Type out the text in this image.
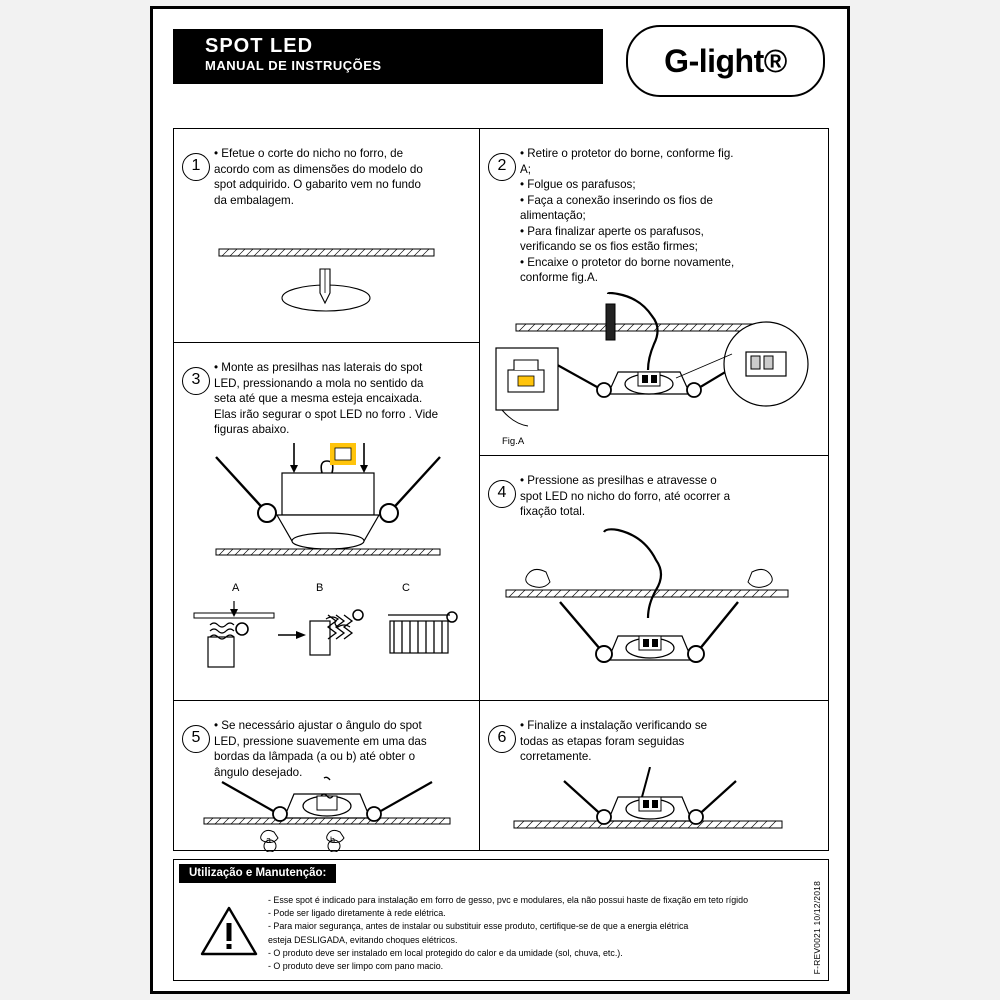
SPOT LED
MANUAL DE INSTRUÇÕES	G-light ®
1

• Efetue o corte do nicho no forro, de

acordo com as dimensões do modelo do

spot adquirido. O gabarito vem no fundo

da embalagem.

3

• Monte as presilhas nas laterais do spot

LED, pressionando a mola no sentido da

seta até que a mesma esteja encaixada.

Elas irão segurar o spot LED no forro . Vide

figuras abaixo.

A	B	C
5

• Se necessário ajustar o ângulo do spot

LED, pressione suavemente em uma das

bordas da lâmpada (a ou b) até obter o

ângulo desejado.

a	b
2

• Retire o protetor do borne, conforme fig.

A;

• Folgue os parafusos;

• Faça a conexão inserindo os fios de

alimentação;

• Para finalizar aperte os parafusos,

verificando se os fios estão firmes;

• Encaixe o protetor do borne novamente,

conforme fig.A.

Fig.A
4

• Pressione as presilhas e atravesse o

spot LED no nicho do forro, até ocorrer a

fixação total.

6

• Finalize a instalação verificando se

todas as etapas foram seguidas

corretamente.

Utilização e Manutenção:
- Esse spot é indicado para instalação em forro de gesso, pvc e modulares, ela não possui haste de fixação em teto rígido
- Pode ser ligado diretamente à rede elétrica.
- Para maior segurança, antes de instalar ou substituir esse produto, certifique-se de que a energia elétrica
esteja DESLIGADA, evitando choques elétricos.
- O produto deve ser instalado em local protegido do calor e da umidade (sol, chuva, etc.).
- O produto deve ser limpo com pano macio.	F-REV0021 10/12/2018
